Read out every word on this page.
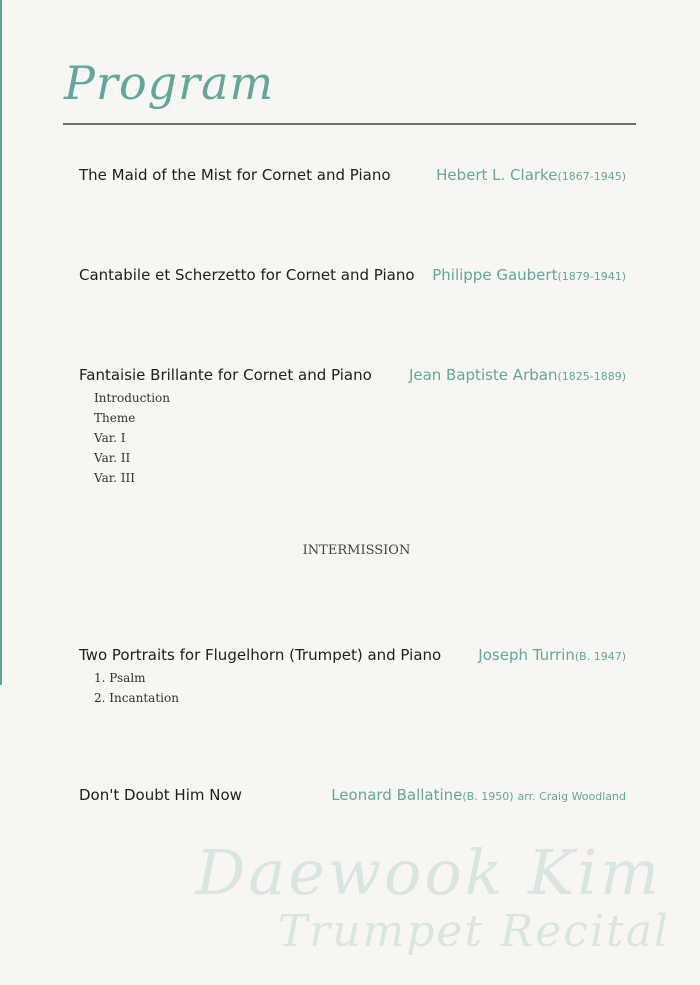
Program
The Maid of the Mist for Cornet and Piano	Hebert L. Clarke(1867-1945)
Cantabile et Scherzetto for Cornet and Piano Philippe Gaubert(1879-1941)
Fantaisie Brillante for Cornet and Piano Jean Baptiste Arban(1825-1889)
Introduction
Theme
Var. I
Var. II
Var. III
INTERMISSION
Two Portraits for Flugelhorn (Trumpet) and Piano Joseph Turrin(B. 1947)
1. Psalm
2. Incantation
Don't Doubt Him Now	Leonard Ballatine(B. 1950) arr. Craig Woodland
Daewook Kim
Trumpet Recital
